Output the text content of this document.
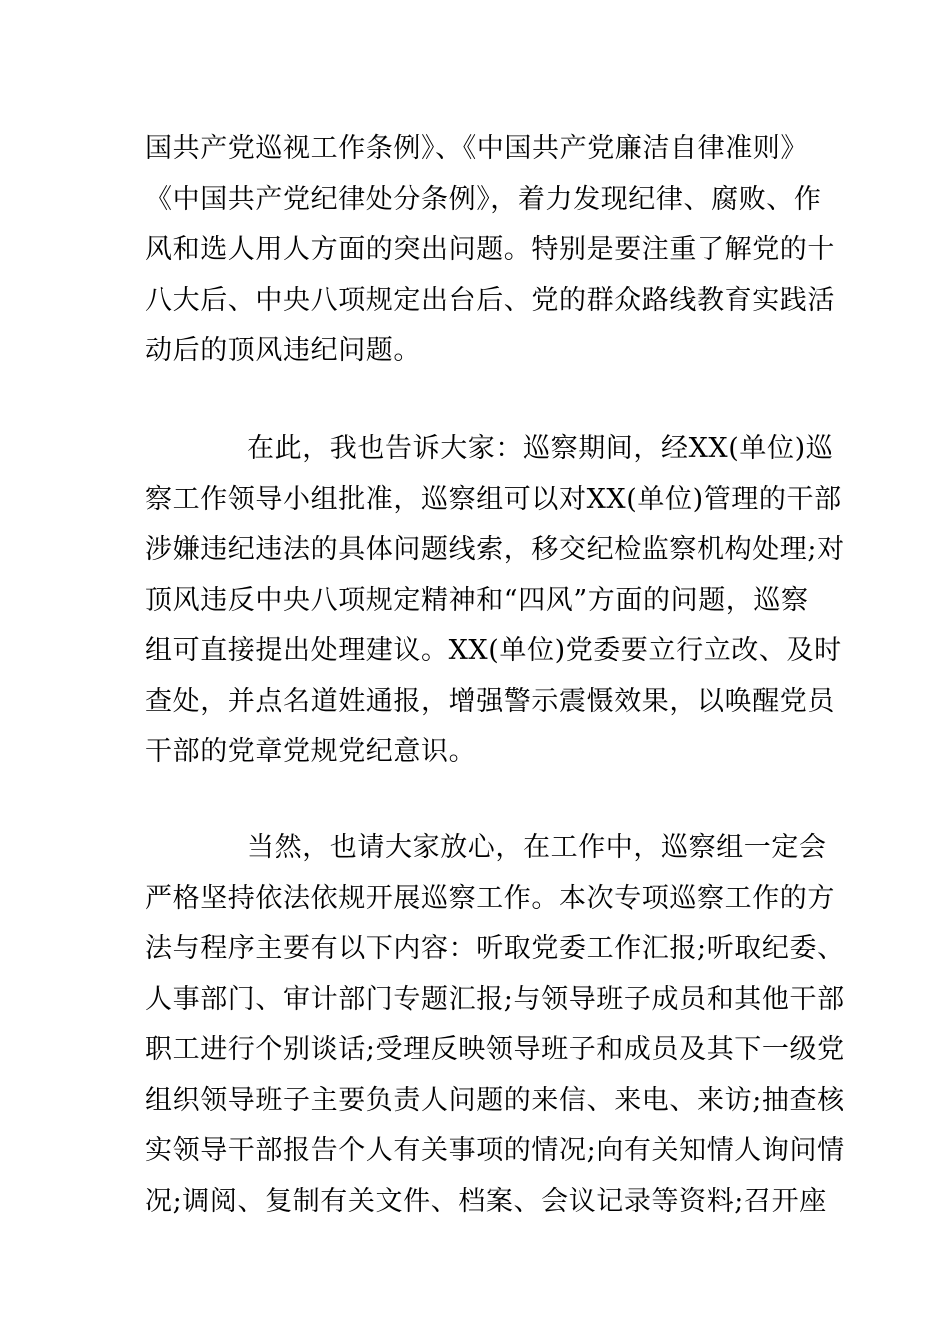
国共产党巡视工作条例》、《中国共产党廉洁自律准则》
《中国共产党纪律处分条例》，着力发现纪律、腐败、作
风和选人用人方面的突出问题。特别是要注重了解党的十
八大后、中央八项规定出台后、党的群众路线教育实践活
动后的顶风违纪问题。
在此，我也告诉大家：巡察期间，经XX(单位)巡
察工作领导小组批准，巡察组可以对XX(单位)管理的干部
涉嫌违纪违法的具体问题线索，移交纪检监察机构处理;对
顶风违反中央八项规定精神和“四风”方面的问题，巡察
组可直接提出处理建议。XX(单位)党委要立行立改、及时
查处，并点名道姓通报，增强警示震慑效果，以唤醒党员
干部的党章党规党纪意识。
当然，也请大家放心，在工作中，巡察组一定会
严格坚持依法依规开展巡察工作。本次专项巡察工作的方
法与程序主要有以下内容：听取党委工作汇报;听取纪委、
人事部门、审计部门专题汇报;与领导班子成员和其他干部
职工进行个别谈话;受理反映领导班子和成员及其下一级党
组织领导班子主要负责人问题的来信、来电、来访;抽查核
实领导干部报告个人有关事项的情况;向有关知情人询问情
况;调阅、复制有关文件、档案、会议记录等资料;召开座
